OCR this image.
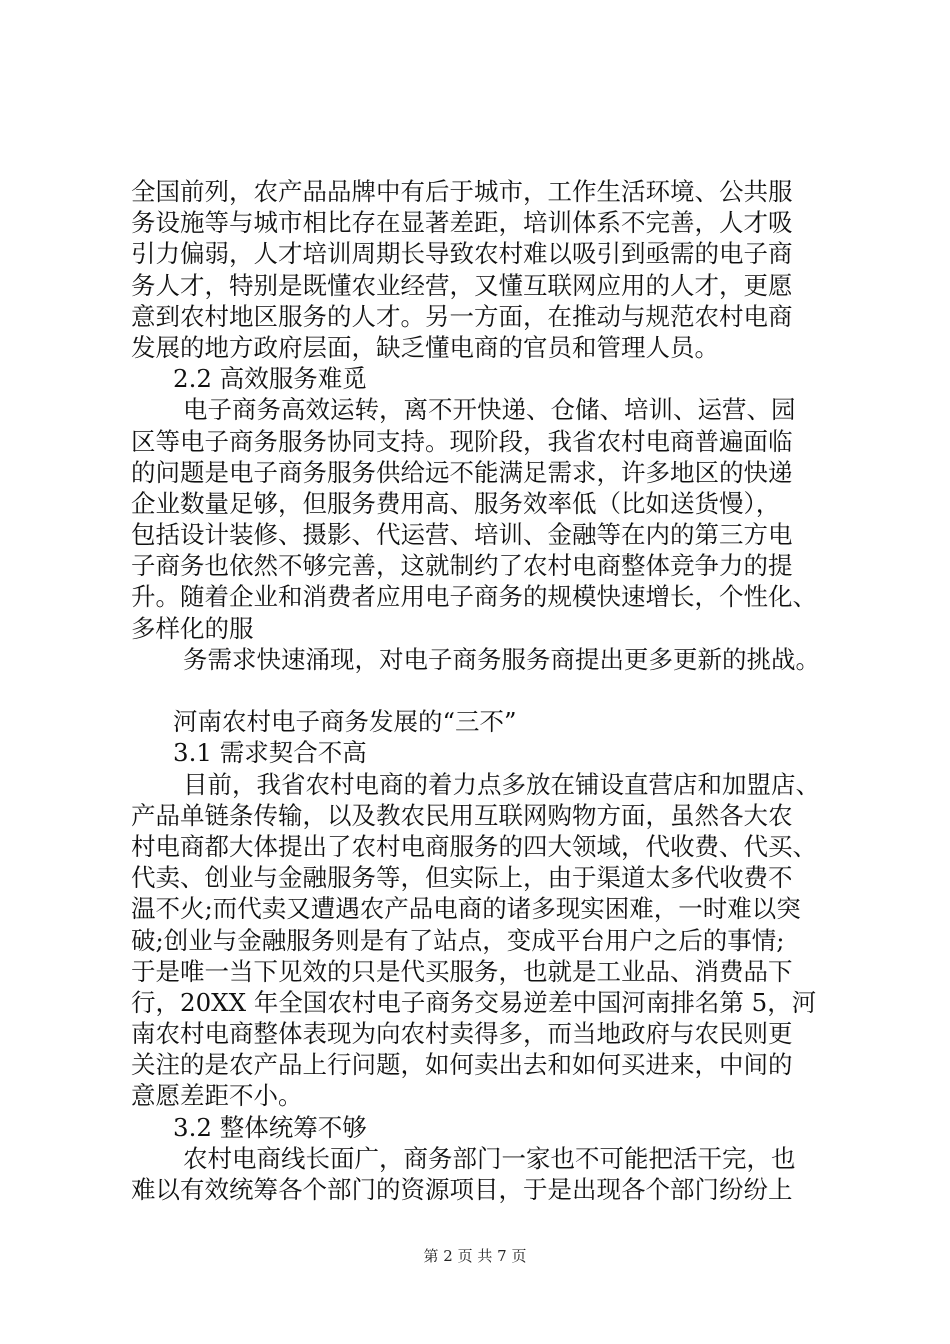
全国前列，农产品品牌中有后于城市，工作生活环境、公共服
务设施等与城市相比存在显著差距，培训体系不完善，人才吸
引力偏弱，人才培训周期长导致农村难以吸引到亟需的电子商
务人才，特别是既懂农业经营，又懂互联网应用的人才，更愿
意到农村地区服务的人才。另一方面，在推动与规范农村电商
发展的地方政府层面，缺乏懂电商的官员和管理人员。
2.2 高效服务难觅
电子商务高效运转，离不开快递、仓储、培训、运营、园
区等电子商务服务协同支持。现阶段，我省农村电商普遍面临
的问题是电子商务服务供给远不能满足需求，许多地区的快递
企业数量足够，但服务费用高、服务效率低（比如送货慢），
包括设计装修、摄影、代运营、培训、金融等在内的第三方电
子商务也依然不够完善，这就制约了农村电商整体竞争力的提
升。随着企业和消费者应用电子商务的规模快速增长，个性化、
多样化的服
务需求快速涌现，对电子商务服务商提出更多更新的挑战。
河南农村电子商务发展的“三不”
3.1 需求契合不高
目前，我省农村电商的着力点多放在铺设直营店和加盟店、
产品单链条传输，以及教农民用互联网购物方面，虽然各大农
村电商都大体提出了农村电商服务的四大领域，代收费、代买、
代卖、创业与金融服务等，但实际上，由于渠道太多代收费不
温不火;而代卖又遭遇农产品电商的诸多现实困难，一时难以突
破;创业与金融服务则是有了站点，变成平台用户之后的事情;
于是唯一当下见效的只是代买服务，也就是工业品、消费品下
行，20XX 年全国农村电子商务交易逆差中国河南排名第 5，河
南农村电商整体表现为向农村卖得多，而当地政府与农民则更
关注的是农产品上行问题，如何卖出去和如何买进来，中间的
意愿差距不小。
3.2 整体统筹不够
农村电商线长面广，商务部门一家也不可能把活干完，也
难以有效统筹各个部门的资源项目，于是出现各个部门纷纷上
第 2 页 共 7 页
